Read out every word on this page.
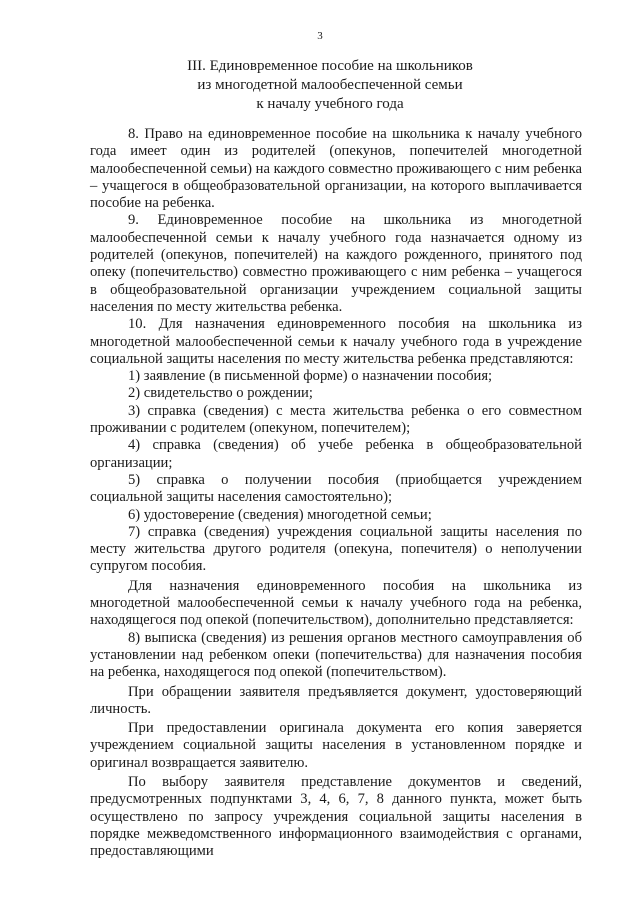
3
III. Единовременное пособие на школьников
из многодетной малообеспеченной семьи
к началу учебного года

8. Право на единовременное пособие на школьника к началу учебного года имеет один из родителей (опекунов, попечителей многодетной малообеспеченной семьи) на каждого совместно проживающего с ним ребенка – учащегося в общеобразовательной организации, на которого выплачивается пособие на ребенка.

9. Единовременное пособие на школьника из многодетной малообеспеченной семьи к началу учебного года назначается одному из родителей (опекунов, попечителей) на каждого рожденного, принятого под опеку (попечительство) совместно проживающего с ним ребенка – учащегося в общеобразовательной организации учреждением социальной защиты населения по месту жительства ребенка.

10. Для назначения единовременного пособия на школьника из многодетной малообеспеченной семьи к началу учебного года в учреждение социальной защиты населения по месту жительства ребенка представляются:

1) заявление (в письменной форме) о назначении пособия;

2) свидетельство о рождении;

3) справка (сведения) с места жительства ребенка о его совместном проживании с родителем (опекуном, попечителем);

4) справка (сведения) об учебе ребенка в общеобразовательной организации;

5) справка о получении пособия (приобщается учреждением социальной защиты населения самостоятельно);

6) удостоверение (сведения) многодетной семьи;

7) справка (сведения) учреждения социальной защиты населения по месту жительства другого родителя (опекуна, попечителя) о неполучении супругом пособия.

Для назначения единовременного пособия на школьника из многодетной малообеспеченной семьи к началу учебного года на ребенка, находящегося под опекой (попечительством), дополнительно представляется:

8) выписка (сведения) из решения органов местного самоуправления об установлении над ребенком опеки (попечительства) для назначения пособия на ребенка, находящегося под опекой (попечительством).

При обращении заявителя предъявляется документ, удостоверяющий личность.

При предоставлении оригинала документа его копия заверяется учреждением социальной защиты населения в установленном порядке и оригинал возвращается заявителю.

По выбору заявителя представление документов и сведений, предусмотренных подпунктами 3, 4, 6, 7, 8 данного пункта, может быть осуществлено по запросу учреждения социальной защиты населения в порядке межведомственного информационного взаимодействия с органами, предоставляющими
